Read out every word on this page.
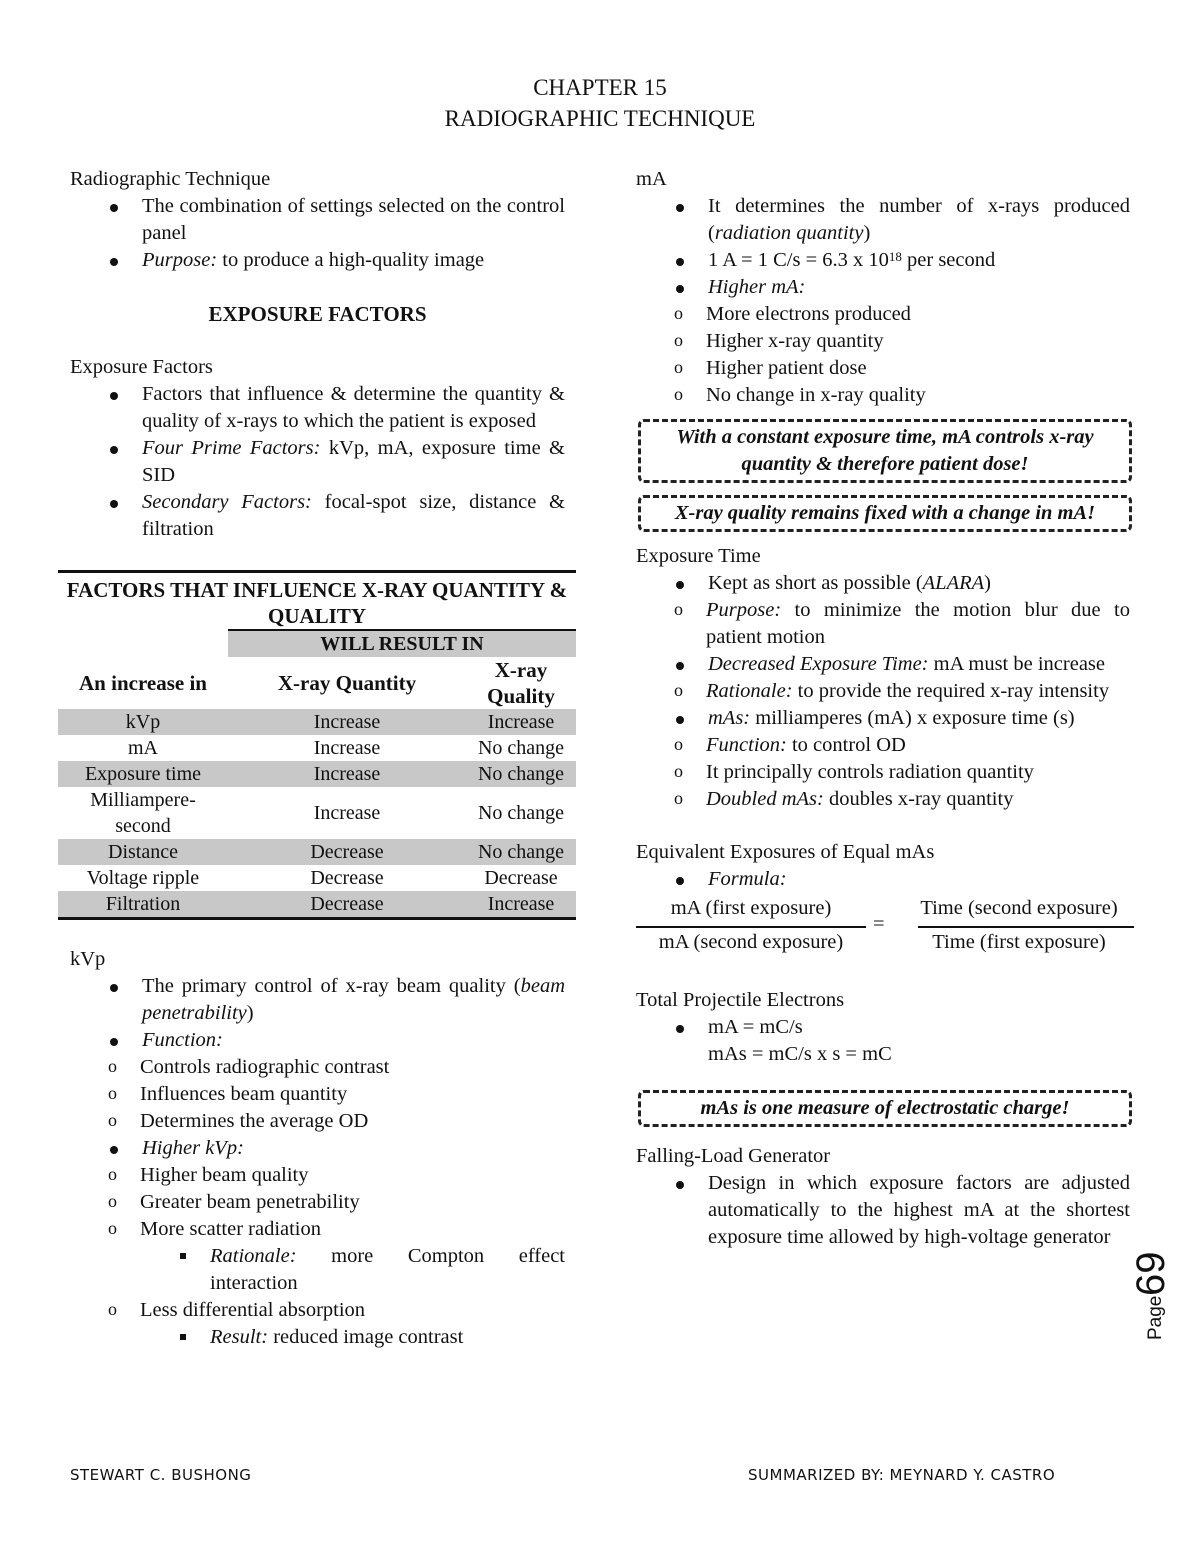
CHAPTER 15
RADIOGRAPHIC TECHNIQUE

Radiographic Technique

The combination of settings selected on the control panel
Purpose: to produce a high-quality image

EXPOSURE FACTORS

Exposure Factors

Factors that influence & determine the quantity & quality of x-rays to which the patient is exposed
Four Prime Factors: kVp, mA, exposure time & SID
Secondary Factors: focal-spot size, distance & filtration
FACTORS THAT INFLUENCE X-RAY QUANTITY & QUALITY		
	WILL RESULT IN	
An increase in	X-ray Quantity	X-ray Quality
kVp	Increase	Increase
mA	Increase	No change
Exposure time	Increase	No change
Milliampere-second	Increase	No change
Distance	Decrease	No change
Voltage ripple	Decrease	Decrease
Filtration	Decrease	Increase

kVp

The primary control of x-ray beam quality (beam penetrability)
Function:
o Controls radiographic contrast
o Influences beam quantity
o Determines the average OD
Higher kVp:
o Higher beam quality
o Greater beam penetrability
o More scatter radiation
Rationale: more Compton effect interaction
o Less differential absorption
Result: reduced image contrast

mA

It determines the number of x-rays produced (radiation quantity)
1 A = 1 C/s = 6.3 x $10^{18}$ per second
Higher mA:
o More electrons produced
o Higher x-ray quantity
o Higher patient dose
o No change in x-ray quality
With a constant exposure time, mA controls x-ray quantity & therefore patient dose!
X-ray quality remains fixed with a change in mA!

Exposure Time

Kept as short as possible (ALARA)
o Purpose: to minimize the motion blur due to patient motion
Decreased Exposure Time: mA must be increase
o Rationale: to provide the required x-ray intensity
mAs: milliamperes (mA) x exposure time (s)
o Function: to control OD
o It principally controls radiation quantity
o Doubled mAs: doubles x-ray quantity

Equivalent Exposures of Equal mAs

Formula:
mA (first exposure)
mA (second exposure)
=
Time (second exposure)
Time (first exposure)

Total Projectile Electrons

mA = mC/s
mAs = mC/s x s = mC
mAs is one measure of electrostatic charge!

Falling-Load Generator

Design in which exposure factors are adjusted automatically to the highest mA at the shortest exposure time allowed by high-voltage generator
STEWART C. BUSHONG	SUMMARIZED BY: MEYNARD Y. CASTRO
Page
69
